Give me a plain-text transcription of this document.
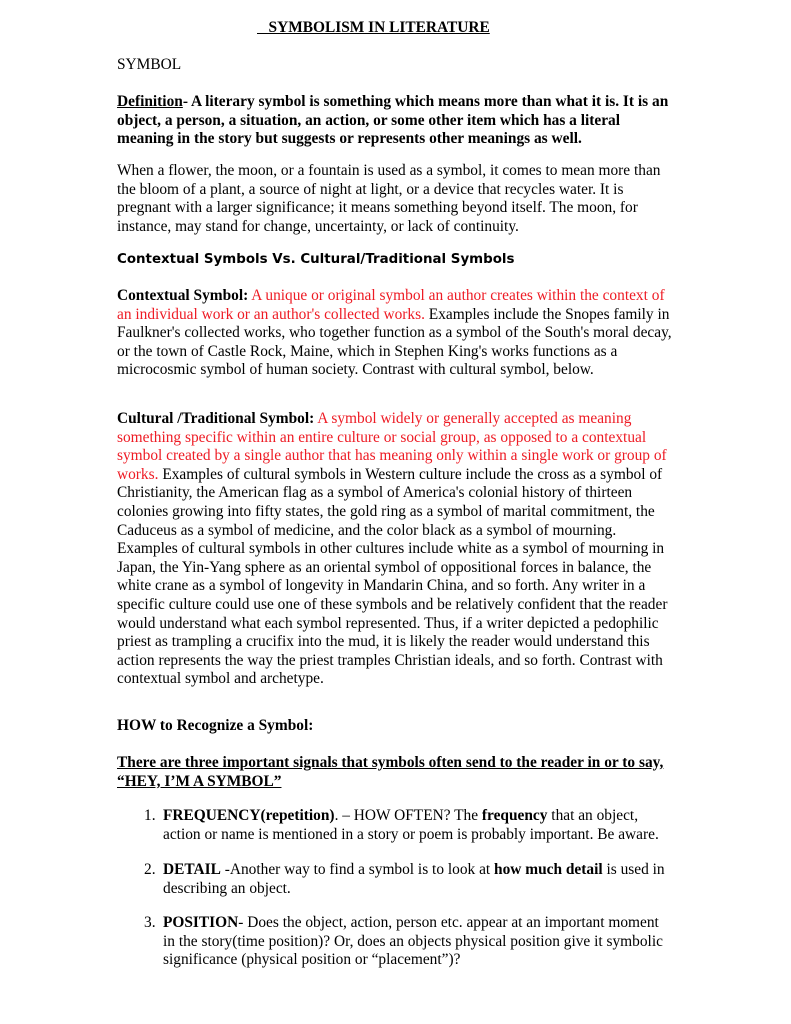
SYMBOLISM IN LITERATURE
SYMBOL
Definition- A literary symbol is something which means more than what it is. It is an object, a person, a situation, an action, or some other item which has a literal meaning in the story but suggests or represents other meanings as well.
When a flower, the moon, or a fountain is used as a symbol, it comes to mean more than the bloom of a plant, a source of night at light, or a device that recycles water. It is pregnant with a larger significance; it means something beyond itself. The moon, for instance, may stand for change, uncertainty, or lack of continuity.
Contextual Symbols Vs. Cultural/Traditional Symbols
Contextual Symbol: A unique or original symbol an author creates within the context of an individual work or an author's collected works. Examples include the Snopes family in Faulkner's collected works, who together function as a symbol of the South's moral decay, or the town of Castle Rock, Maine, which in Stephen King's works functions as a microcosmic symbol of human society. Contrast with cultural symbol, below.
Cultural /Traditional Symbol: A symbol widely or generally accepted as meaning something specific within an entire culture or social group, as opposed to a contextual symbol created by a single author that has meaning only within a single work or group of works. Examples of cultural symbols in Western culture include the cross as a symbol of Christianity, the American flag as a symbol of America's colonial history of thirteen colonies growing into fifty states, the gold ring as a symbol of marital commitment, the Caduceus as a symbol of medicine, and the color black as a symbol of mourning. Examples of cultural symbols in other cultures include white as a symbol of mourning in Japan, the Yin-Yang sphere as an oriental symbol of oppositional forces in balance, the white crane as a symbol of longevity in Mandarin China, and so forth. Any writer in a specific culture could use one of these symbols and be relatively confident that the reader would understand what each symbol represented. Thus, if a writer depicted a pedophilic priest as trampling a crucifix into the mud, it is likely the reader would understand this action represents the way the priest tramples Christian ideals, and so forth. Contrast with contextual symbol and archetype.
HOW to Recognize a Symbol:
There are three important signals that symbols often send to the reader in or to say, “HEY, I’M A SYMBOL”
1. FREQUENCY(repetition). – HOW OFTEN? The frequency that an object, action or name is mentioned in a story or poem is probably important. Be aware.
2. DETAIL -Another way to find a symbol is to look at how much detail is used in describing an object.
3. POSITION- Does the object, action, person etc. appear at an important moment in the story(time position)? Or, does an objects physical position give it symbolic significance (physical position or “placement”)?
